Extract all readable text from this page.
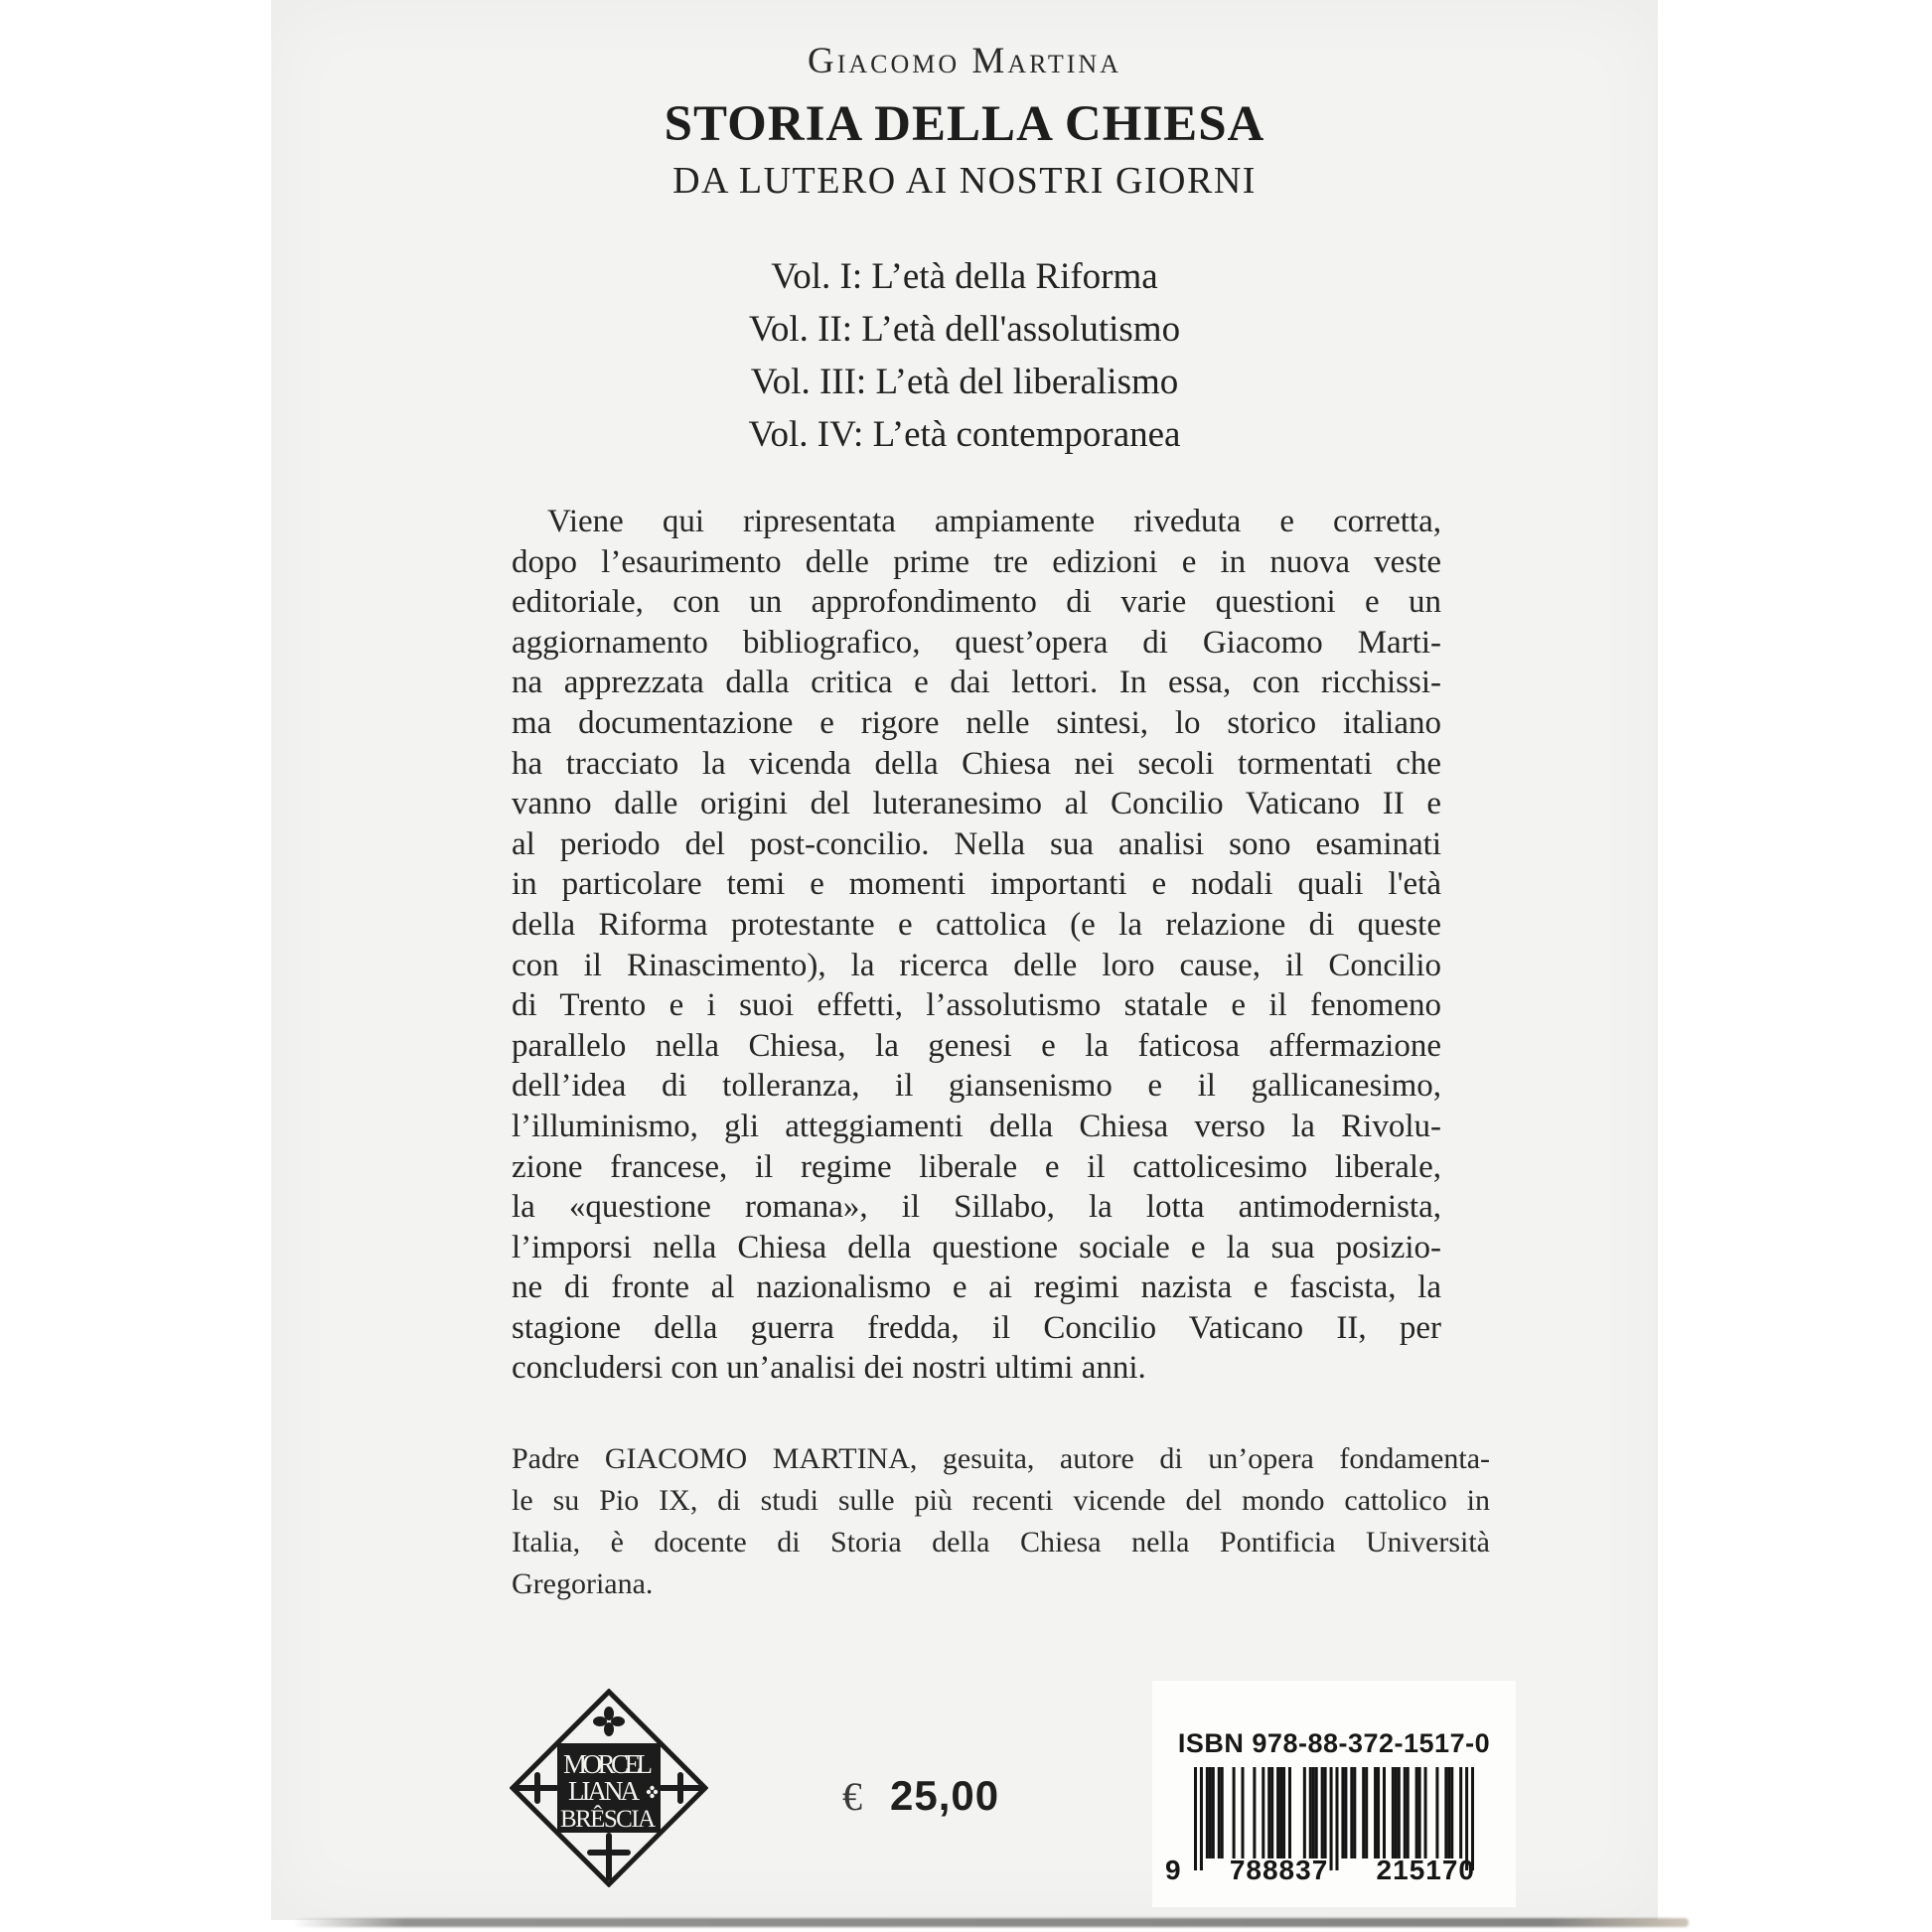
Giacomo Martina
STORIA DELLA CHIESA
DA LUTERO AI NOSTRI GIORNI
Vol. I: L’età della Riforma
Vol. II: L’età dell'assolutismo
Vol. III: L’età del liberalismo
Vol. IV: L’età contemporanea
Viene qui ripresentata ampiamente riveduta e corretta,
dopo l’esaurimento delle prime tre edizioni e in nuova veste
editoriale, con un approfondimento di varie questioni e un
aggiornamento bibliografico, quest’opera di Giacomo Marti-
na apprezzata dalla critica e dai lettori. In essa, con ricchissi-
ma documentazione e rigore nelle sintesi, lo storico italiano
ha tracciato la vicenda della Chiesa nei secoli tormentati che
vanno dalle origini del luteranesimo al Concilio Vaticano II e
al periodo del post-concilio. Nella sua analisi sono esaminati
in particolare temi e momenti importanti e nodali quali l'età
della Riforma protestante e cattolica (e la relazione di queste
con il Rinascimento), la ricerca delle loro cause, il Concilio
di Trento e i suoi effetti, l’assolutismo statale e il fenomeno
parallelo nella Chiesa, la genesi e la faticosa affermazione
dell’idea di tolleranza, il giansenismo e il gallicanesimo,
l’illuminismo, gli atteggiamenti della Chiesa verso la Rivolu-
zione francese, il regime liberale e il cattolicesimo liberale,
la «questione romana», il Sillabo, la lotta antimodernista,
l’imporsi nella Chiesa della questione sociale e la sua posizio-
ne di fronte al nazionalismo e ai regimi nazista e fascista, la
stagione della guerra fredda, il Concilio Vaticano II, per
concludersi con un’analisi dei nostri ultimi anni.
Padre GIACOMO MARTINA, gesuita, autore di un’opera fondamenta-
le su Pio IX, di studi sulle più recenti vicende del mondo cattolico in
Italia, è docente di Storia della Chiesa nella Pontificia Università
Gregoriana.
MORCEL
LIANA
BRÊSCIA
€ 25,00
ISBN 978-88-372-1517-0
9 788837 215170
